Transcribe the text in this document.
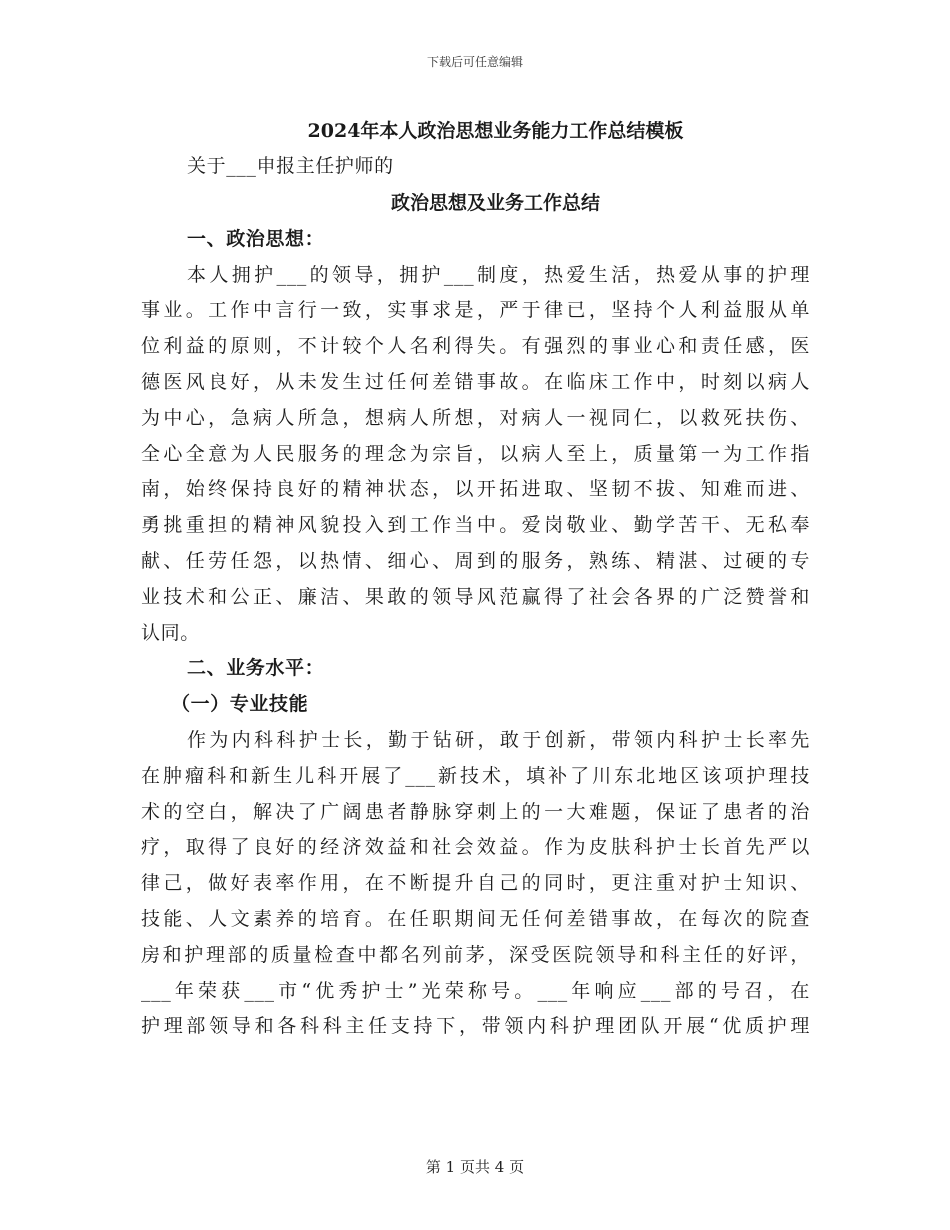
下载后可任意编辑
2024年本人政治思想业务能力工作总结模板
关于___申报主任护师的
政治思想及业务工作总结
一、政治思想：
本人拥护___的领导，拥护___制度，热爱生活，热爱从事的护理
事业。工作中言行一致，实事求是，严于律已，坚持个人利益服从单
位利益的原则，不计较个人名利得失。有强烈的事业心和责任感，医
德医风良好，从未发生过任何差错事故。在临床工作中，时刻以病人
为中心，急病人所急，想病人所想，对病人一视同仁，以救死扶伤、
全心全意为人民服务的理念为宗旨，以病人至上，质量第一为工作指
南，始终保持良好的精神状态，以开拓进取、坚韧不拔、知难而进、
勇挑重担的精神风貌投入到工作当中。爱岗敬业、勤学苦干、无私奉
献、任劳任怨，以热情、细心、周到的服务，熟练、精湛、过硬的专
业技术和公正、廉洁、果敢的领导风范赢得了社会各界的广泛赞誉和
认同。
二、业务水平：
（一）专业技能
作为内科科护士长，勤于钻研，敢于创新，带领内科护士长率先
在肿瘤科和新生儿科开展了___新技术，填补了川东北地区该项护理技
术的空白，解决了广阔患者静脉穿刺上的一大难题，保证了患者的治
疗，取得了良好的经济效益和社会效益。作为皮肤科护士长首先严以
律己，做好表率作用，在不断提升自己的同时，更注重对护士知识、
技能、人文素养的培育。在任职期间无任何差错事故，在每次的院查
房和护理部的质量检查中都名列前茅，深受医院领导和科主任的好评，
___年荣获___市“优秀护士”光荣称号。___年响应___部的号召，在
护理部领导和各科科主任支持下，带领内科护理团队开展“优质护理
第 1 页共 4 页
